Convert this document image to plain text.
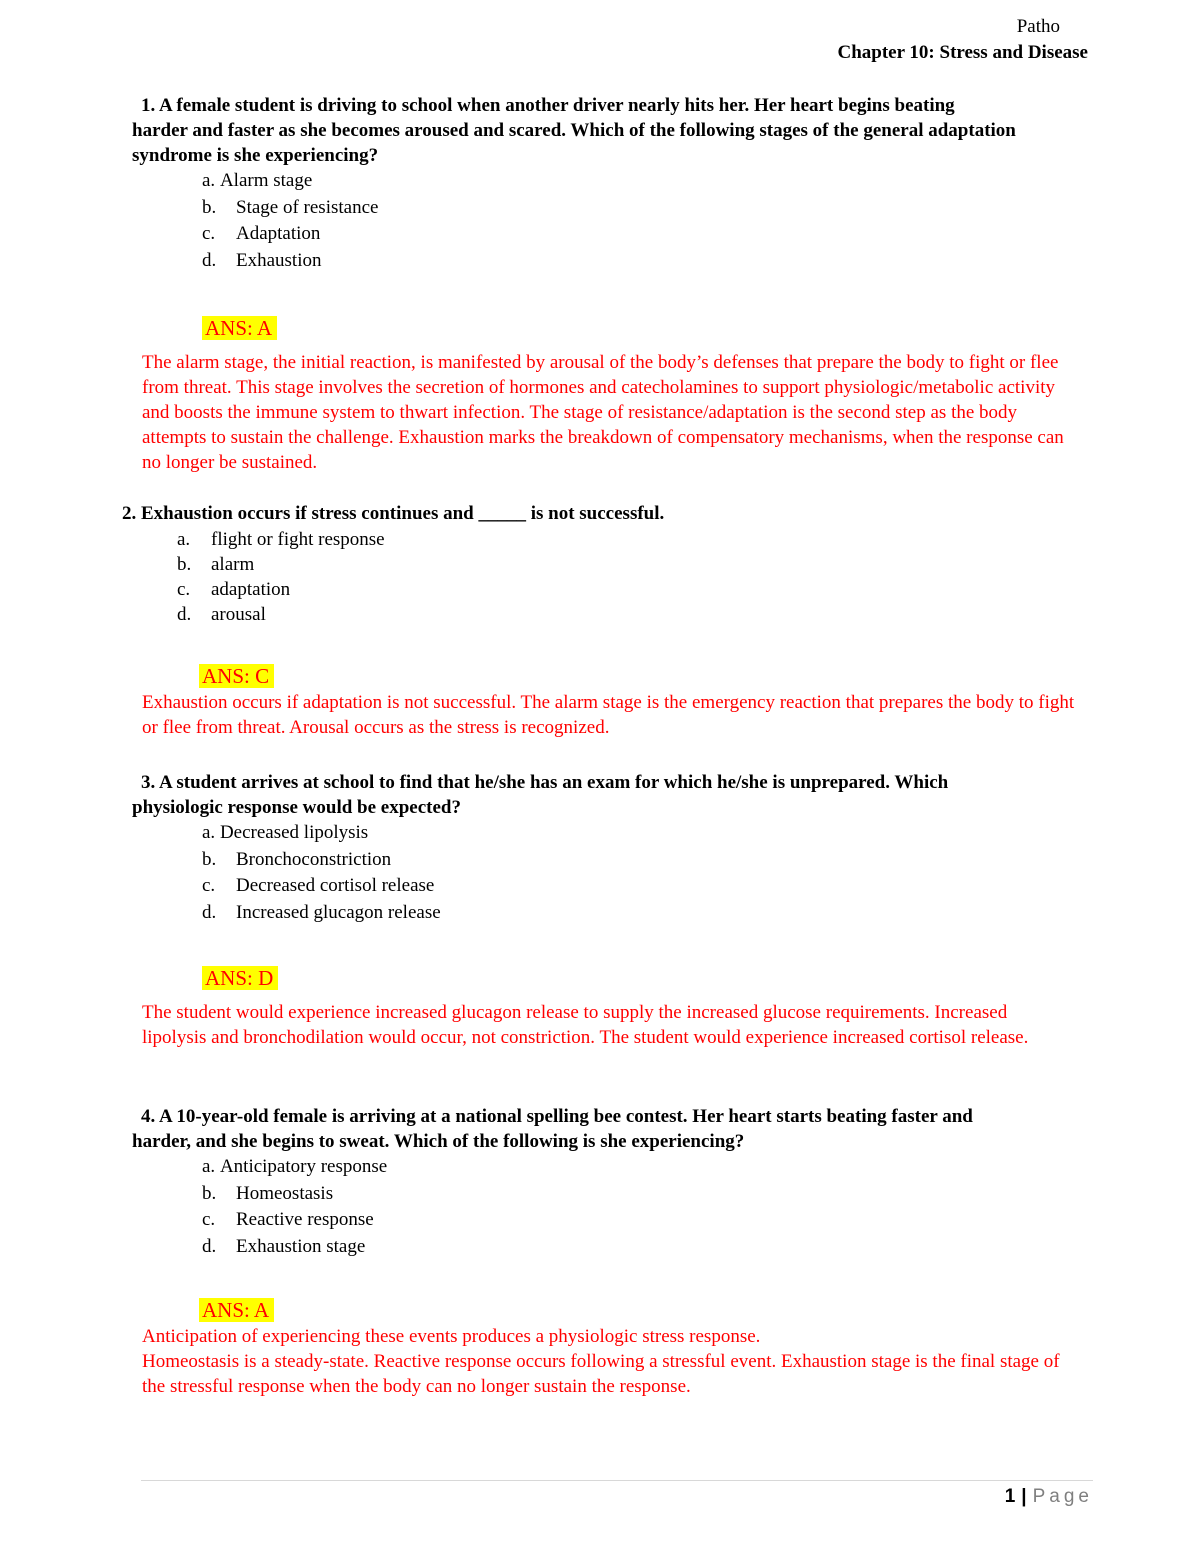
Patho
Chapter 10: Stress and Disease

1. A female student is driving to school when another driver nearly hits her. Her heart begins beating
harder and faster as she becomes aroused and scared. Which of the following stages of the general adaptation syndrome is she experiencing?

a.
Alarm stage
b.	Stage of resistance
c.	Adaptation
d.	Exhaustion

ANS: A

The alarm stage, the initial reaction, is manifested by arousal of the body’s defenses that prepare the body to fight or flee from threat. This stage involves the secretion of hormones and catecholamines to support physiologic/metabolic activity and boosts the immune system to thwart infection. The stage of resistance/adaptation is the second step as the body attempts to sustain the challenge. Exhaustion marks the breakdown of compensatory mechanisms, when the response can no longer be sustained.

2. Exhaustion occurs if stress continues and _____ is not successful.

a.	flight or fight response
b.	alarm
c.	adaptation
d.	arousal

ANS: C

Exhaustion occurs if adaptation is not successful. The alarm stage is the emergency reaction that prepares the body to fight or flee from threat. Arousal occurs as the stress is recognized.

3. A student arrives at school to find that he/she has an exam for which he/she is unprepared. Which
physiologic response would be expected?

a.
Decreased lipolysis
b.	Bronchoconstriction
c.	Decreased cortisol release
d.	Increased glucagon release

ANS: D

The student would experience increased glucagon release to supply the increased glucose requirements. Increased lipolysis and bronchodilation would occur, not constriction. The student would experience increased cortisol release.

4. A 10-year-old female is arriving at a national spelling bee contest. Her heart starts beating faster and
harder, and she begins to sweat. Which of the following is she experiencing?

a.
Anticipatory response
b.	Homeostasis
c.	Reactive response
d.	Exhaustion stage

ANS: A

Anticipation of experiencing these events produces a physiologic stress response.

Homeostasis is a steady-state. Reactive response occurs following a stressful event. Exhaustion stage is the final stage of the stressful response when the body can no longer sustain the response.

1 | Page
